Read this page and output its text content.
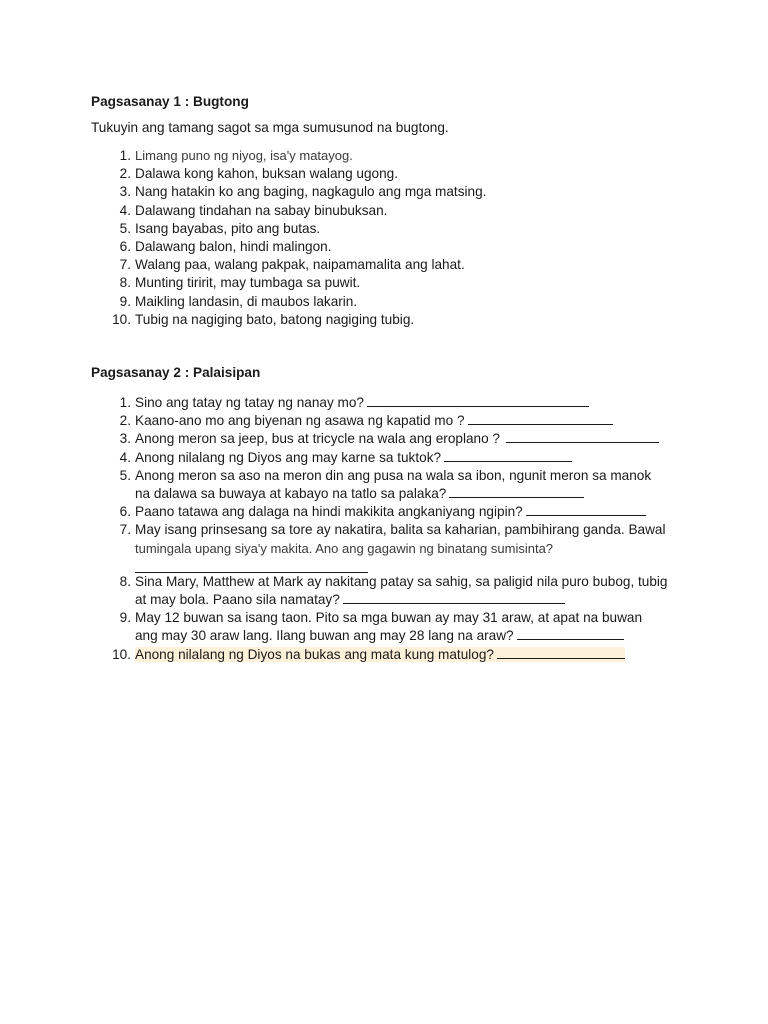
Pagsasanay 1 : Bugtong

Tukuyin ang tamang sagot sa mga sumusunod na bugtong.

1. Limang puno ng niyog, isa'y matayog.
2. Dalawa kong kahon, buksan walang ugong.
3. Nang hatakin ko ang baging, nagkagulo ang mga matsing.
4. Dalawang tindahan na sabay binubuksan.
5. Isang bayabas, pito ang butas.
6. Dalawang balon, hindi malingon.
7. Walang paa, walang pakpak, naipamamalita ang lahat.
8. Munting tiririt, may tumbaga sa puwit.
9. Maikling landasin, di maubos lakarin.
10. Tubig na nagiging bato, batong nagiging tubig.
Pagsasanay 2 : Palaisipan
1. Sino ang tatay ng tatay ng nanay mo?
2. Kaano-ano mo ang biyenan ng asawa ng kapatid mo ?
3. Anong meron sa jeep, bus at tricycle na wala ang eroplano ?
4. Anong nilalang ng Diyos ang may karne sa tuktok?
5. Anong meron sa aso na meron din ang pusa na wala sa ibon, ngunit meron sa manok
na dalawa sa buwaya at kabayo na tatlo sa palaka?
6. Paano tatawa ang dalaga na hindi makikita angkaniyang ngipin?
7. May isang prinsesang sa tore ay nakatira, balita sa kaharian, pambihirang ganda. Bawal
tumingala upang siya'y makita. Ano ang gagawin ng binatang sumisinta?
8. Sina Mary, Matthew at Mark ay nakitang patay sa sahig, sa paligid nila puro bubog, tubig
at may bola. Paano sila namatay?
9. May 12 buwan sa isang taon. Pito sa mga buwan ay may 31 araw, at apat na buwan
ang may 30 araw lang. Ilang buwan ang may 28 lang na araw?
10. Anong nilalang ng Diyos na bukas ang mata kung matulog?
